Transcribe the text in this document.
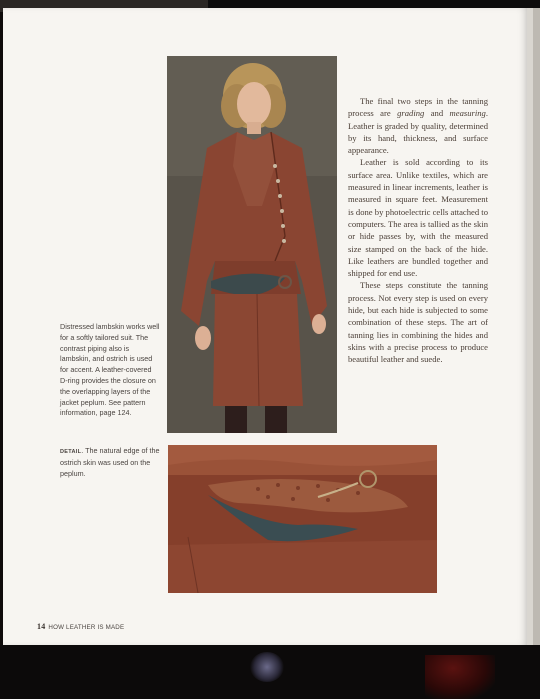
The final two steps in the tanning process are grading and measuring. Leather is graded by quality, determined by its hand, thickness, and surface appearance.

Leather is sold according to its surface area. Unlike textiles, which are measured in linear increments, leather is measured in square feet. Measurement is done by photoelectric cells attached to computers. The area is tallied as the skin or hide passes by, with the measured size stamped on the back of the hide. Like leathers are bundled together and shipped for end use.

These steps constitute the tanning process. Not every step is used on every hide, but each hide is subjected to some combination of these steps. The art of tanning lies in combining the hides and skins with a precise process to produce beautiful leather and suede.

Distressed lambskin works well for a softly tailored suit. The contrast piping also is lambskin, and ostrich is used for accent. A leather-covered D-ring provides the closure on the overlapping layers of the jacket peplum. See pattern information, page 124.
DETAIL. The natural edge of the ostrich skin was used on the peplum.
14 HOW LEATHER IS MADE
